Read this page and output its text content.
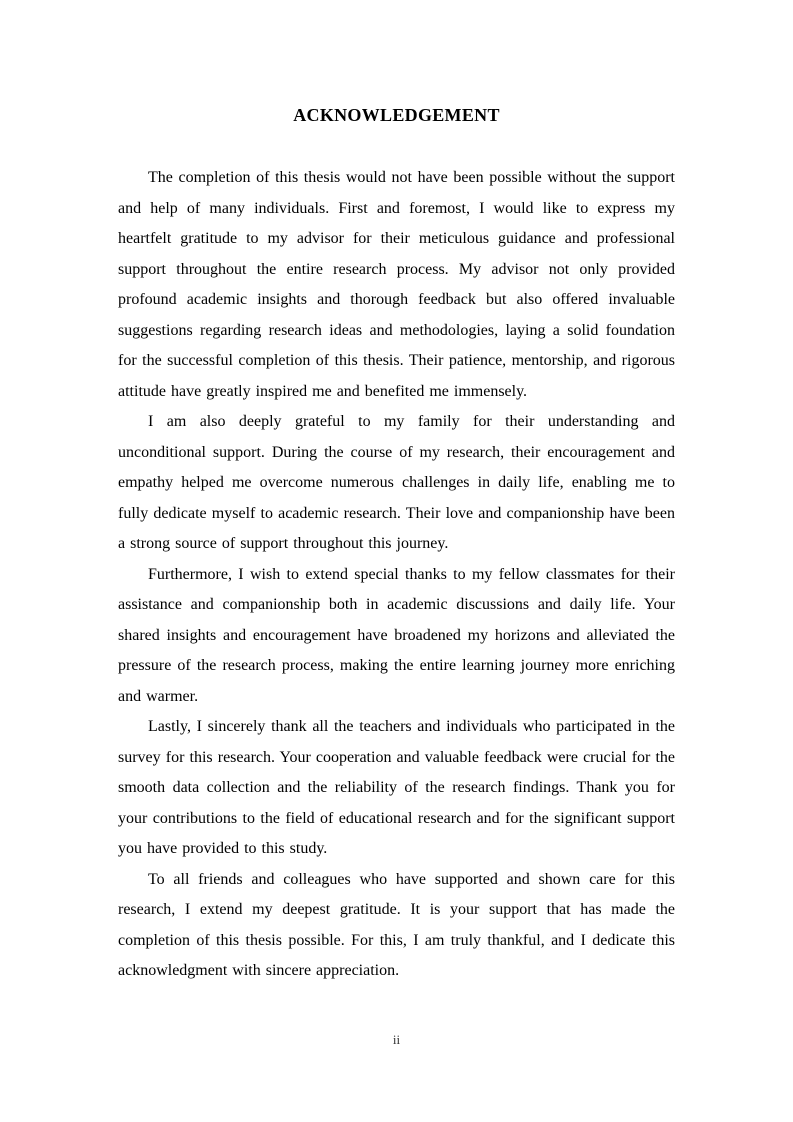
ACKNOWLEDGEMENT

The completion of this thesis would not have been possible without the support and help of many individuals. First and foremost, I would like to express my heartfelt gratitude to my advisor for their meticulous guidance and professional support throughout the entire research process. My advisor not only provided profound academic insights and thorough feedback but also offered invaluable suggestions regarding research ideas and methodologies, laying a solid foundation for the successful completion of this thesis. Their patience, mentorship, and rigorous attitude have greatly inspired me and benefited me immensely.

I am also deeply grateful to my family for their understanding and unconditional support. During the course of my research, their encouragement and empathy helped me overcome numerous challenges in daily life, enabling me to fully dedicate myself to academic research. Their love and companionship have been a strong source of support throughout this journey.

Furthermore, I wish to extend special thanks to my fellow classmates for their assistance and companionship both in academic discussions and daily life. Your shared insights and encouragement have broadened my horizons and alleviated the pressure of the research process, making the entire learning journey more enriching and warmer.

Lastly, I sincerely thank all the teachers and individuals who participated in the survey for this research. Your cooperation and valuable feedback were crucial for the smooth data collection and the reliability of the research findings. Thank you for your contributions to the field of educational research and for the significant support you have provided to this study.

To all friends and colleagues who have supported and shown care for this research, I extend my deepest gratitude. It is your support that has made the completion of this thesis possible. For this, I am truly thankful, and I dedicate this acknowledgment with sincere appreciation.

ii
